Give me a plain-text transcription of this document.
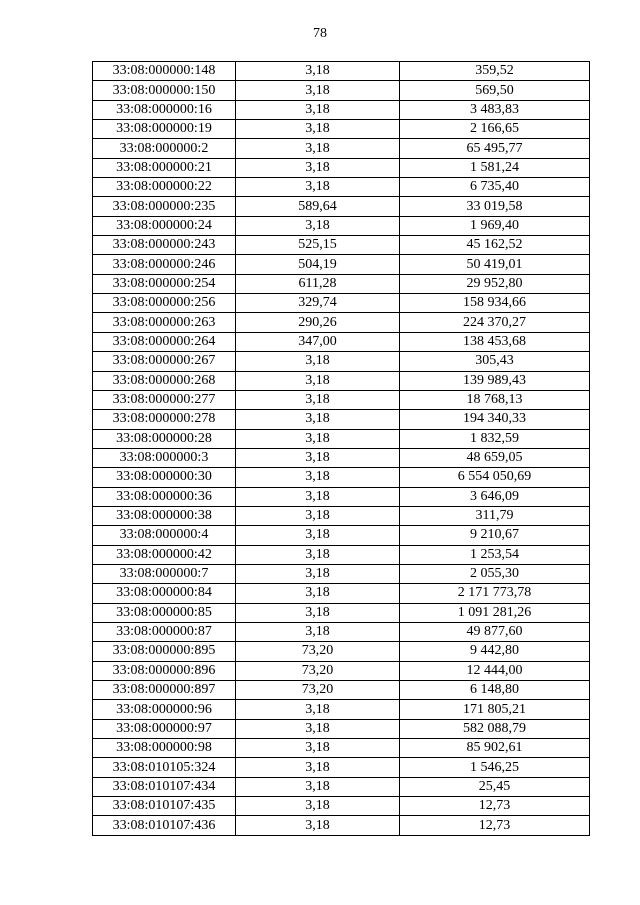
78
33:08:000000:148	3,18	359,52
33:08:000000:150	3,18	569,50
33:08:000000:16	3,18	3 483,83
33:08:000000:19	3,18	2 166,65
33:08:000000:2	3,18	65 495,77
33:08:000000:21	3,18	1 581,24
33:08:000000:22	3,18	6 735,40
33:08:000000:235	589,64	33 019,58
33:08:000000:24	3,18	1 969,40
33:08:000000:243	525,15	45 162,52
33:08:000000:246	504,19	50 419,01
33:08:000000:254	611,28	29 952,80
33:08:000000:256	329,74	158 934,66
33:08:000000:263	290,26	224 370,27
33:08:000000:264	347,00	138 453,68
33:08:000000:267	3,18	305,43
33:08:000000:268	3,18	139 989,43
33:08:000000:277	3,18	18 768,13
33:08:000000:278	3,18	194 340,33
33:08:000000:28	3,18	1 832,59
33:08:000000:3	3,18	48 659,05
33:08:000000:30	3,18	6 554 050,69
33:08:000000:36	3,18	3 646,09
33:08:000000:38	3,18	311,79
33:08:000000:4	3,18	9 210,67
33:08:000000:42	3,18	1 253,54
33:08:000000:7	3,18	2 055,30
33:08:000000:84	3,18	2 171 773,78
33:08:000000:85	3,18	1 091 281,26
33:08:000000:87	3,18	49 877,60
33:08:000000:895	73,20	9 442,80
33:08:000000:896	73,20	12 444,00
33:08:000000:897	73,20	6 148,80
33:08:000000:96	3,18	171 805,21
33:08:000000:97	3,18	582 088,79
33:08:000000:98	3,18	85 902,61
33:08:010105:324	3,18	1 546,25
33:08:010107:434	3,18	25,45
33:08:010107:435	3,18	12,73
33:08:010107:436	3,18	12,73
